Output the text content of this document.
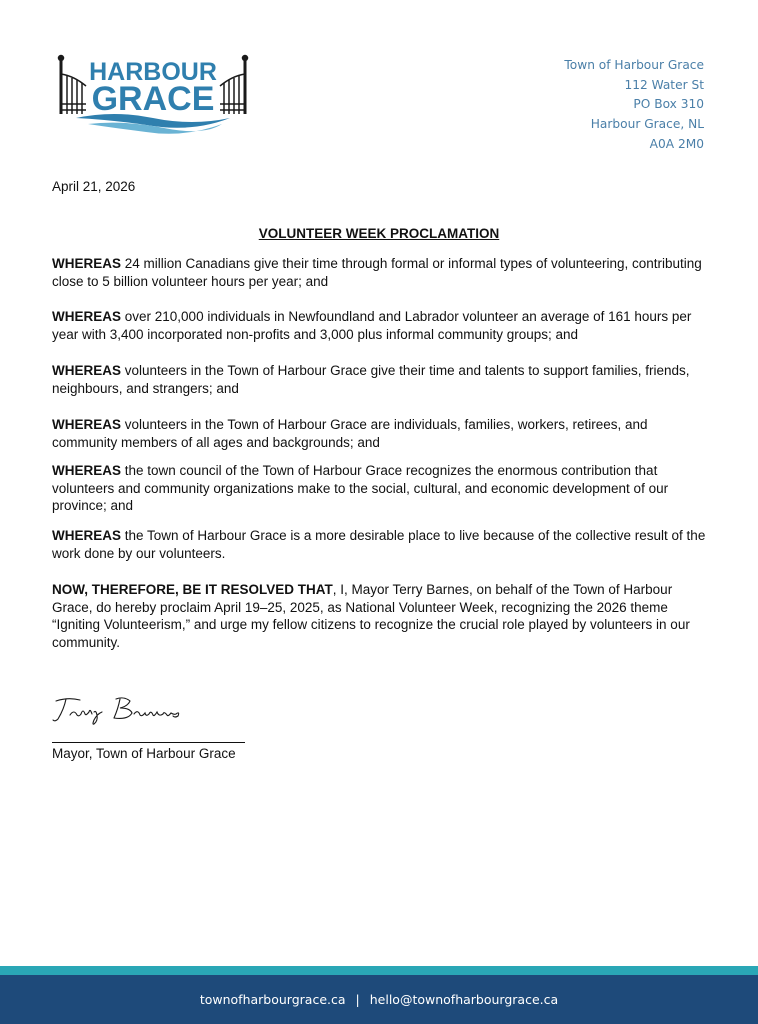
HARBOUR
GRACE
Town of Harbour Grace
112 Water St
PO Box 310
Harbour Grace, NL
A0A 2M0
April 21, 2026
VOLUNTEER WEEK PROCLAMATION
WHEREAS 24 million Canadians give their time through formal or informal types of volunteering, contributing close to 5 billion volunteer hours per year; and
WHEREAS over 210,000 individuals in Newfoundland and Labrador volunteer an average of 161 hours per year with 3,400 incorporated non-profits and 3,000 plus informal community groups; and
WHEREAS volunteers in the Town of Harbour Grace give their time and talents to support families, friends, neighbours, and strangers; and
WHEREAS volunteers in the Town of Harbour Grace are individuals, families, workers, retirees, and community members of all ages and backgrounds; and
WHEREAS the town council of the Town of Harbour Grace recognizes the enormous contribution that volunteers and community organizations make to the social, cultural, and economic development of our province; and
WHEREAS the Town of Harbour Grace is a more desirable place to live because of the collective result of the work done by our volunteers.
NOW, THEREFORE, BE IT RESOLVED THAT, I, Mayor Terry Barnes, on behalf of the Town of Harbour Grace, do hereby proclaim April 19–25, 2025, as National Volunteer Week, recognizing the 2026 theme “Igniting Volunteerism,” and urge my fellow citizens to recognize the crucial role played by volunteers in our community.
Mayor, Town of Harbour Grace
townofharbourgrace.ca | hello@townofharbourgrace.ca
